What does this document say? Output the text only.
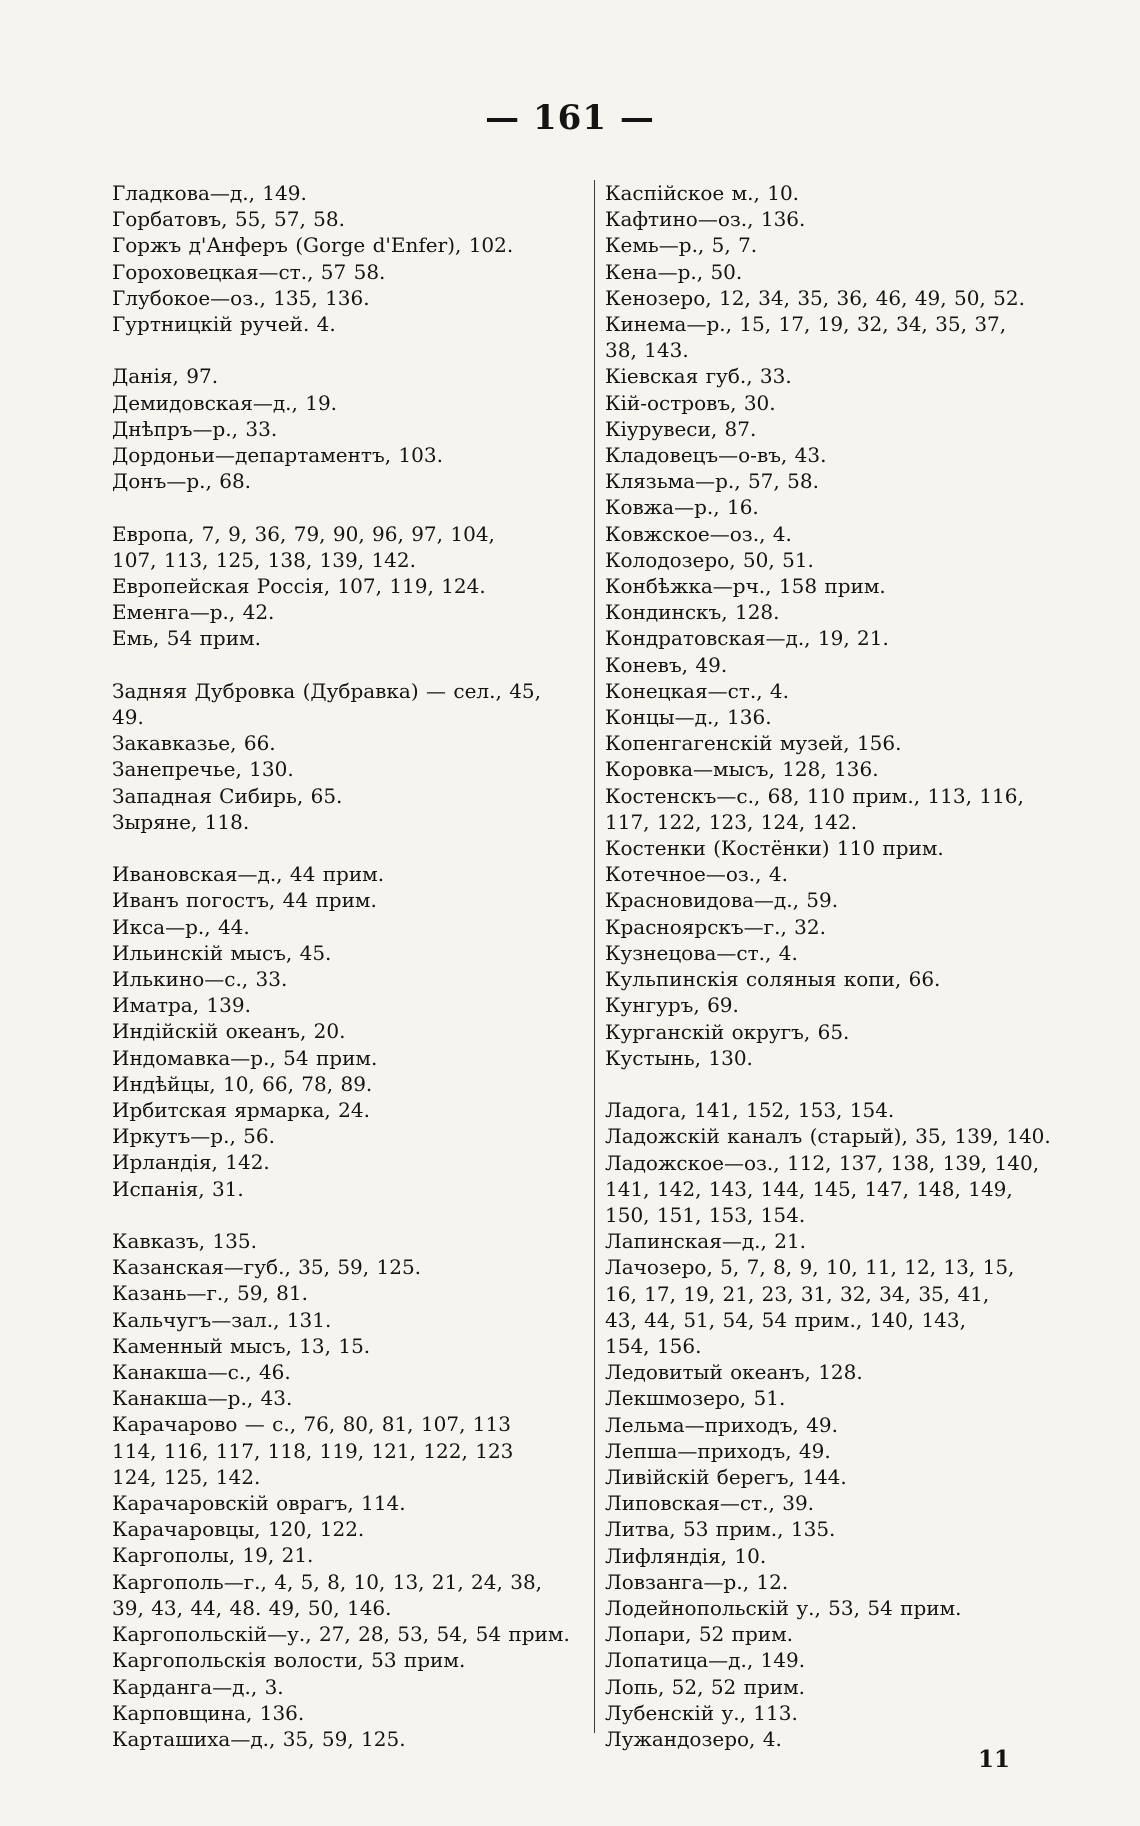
— 161 —
Гладкова—д., 149.
Горбатовъ, 55, 57, 58.
Горжъ д'Анферъ (Gorge d'Enfer), 102.
Гороховецкая—ст., 57 58.
Глубокое—оз., 135, 136.
Гуртницкій ручей. 4.
Данія, 97.
Демидовская—д., 19.
Днѣпръ—р., 33.
Дордоньи—департаментъ, 103.
Донъ—р., 68.
Европа, 7, 9, 36, 79, 90, 96, 97, 104,
107, 113, 125, 138, 139, 142.
Европейская Россія, 107, 119, 124.
Еменга—р., 42.
Емь, 54 прим.
Задняя Дубровка (Дубравка) — сел., 45,
49.
Закавказье, 66.
Занепречье, 130.
Западная Сибирь, 65.
Зыряне, 118.
Ивановская—д., 44 прим.
Иванъ погостъ, 44 прим.
Икса—р., 44.
Ильинскій мысъ, 45.
Илькино—с., 33.
Иматра, 139.
Индійскій океанъ, 20.
Индомавка—р., 54 прим.
Индѣйцы, 10, 66, 78, 89.
Ирбитская ярмарка, 24.
Иркутъ—р., 56.
Ирландія, 142.
Испанія, 31.
Кавказъ, 135.
Казанская—губ., 35, 59, 125.
Казань—г., 59, 81.
Кальчугъ—зал., 131.
Каменный мысъ, 13, 15.
Канакша—с., 46.
Канакша—р., 43.
Карачарово — с., 76, 80, 81, 107, 113
114, 116, 117, 118, 119, 121, 122, 123
124, 125, 142.
Карачаровскій оврагъ, 114.
Карачаровцы, 120, 122.
Каргополы, 19, 21.
Каргополь—г., 4, 5, 8, 10, 13, 21, 24, 38,
39, 43, 44, 48. 49, 50, 146.
Каргопольскій—у., 27, 28, 53, 54, 54 прим.
Каргопольскія волости, 53 прим.
Карданга—д., 3.
Карповщина, 136.
Карташиха—д., 35, 59, 125.
Каспійское м., 10.
Кафтино—оз., 136.
Кемь—р., 5, 7.
Кена—р., 50.
Кенозеро, 12, 34, 35, 36, 46, 49, 50, 52.
Кинема—р., 15, 17, 19, 32, 34, 35, 37,
38, 143.
Кіевская губ., 33.
Кій-островъ, 30.
Кіурувеси, 87.
Кладовецъ—о-въ, 43.
Клязьма—р., 57, 58.
Ковжа—р., 16.
Ковжское—оз., 4.
Колодозеро, 50, 51.
Конбѣжка—рч., 158 прим.
Кондинскъ, 128.
Кондратовская—д., 19, 21.
Коневъ, 49.
Конецкая—ст., 4.
Концы—д., 136.
Копенгагенскій музей, 156.
Коровка—мысъ, 128, 136.
Костенскъ—с., 68, 110 прим., 113, 116,
117, 122, 123, 124, 142.
Костенки (Костёнки) 110 прим.
Котечное—оз., 4.
Красновидова—д., 59.
Красноярскъ—г., 32.
Кузнецова—ст., 4.
Кульпинскія соляныя копи, 66.
Кунгуръ, 69.
Курганскій округъ, 65.
Кустынь, 130.
Ладога, 141, 152, 153, 154.
Ладожскій каналъ (старый), 35, 139, 140.
Ладожское—оз., 112, 137, 138, 139, 140,
141, 142, 143, 144, 145, 147, 148, 149,
150, 151, 153, 154.
Лапинская—д., 21.
Лачозеро, 5, 7, 8, 9, 10, 11, 12, 13, 15,
16, 17, 19, 21, 23, 31, 32, 34, 35, 41,
43, 44, 51, 54, 54 прим., 140, 143,
154, 156.
Ледовитый океанъ, 128.
Лекшмозеро, 51.
Лельма—приходъ, 49.
Лепша—приходъ, 49.
Ливійскій берегъ, 144.
Липовская—ст., 39.
Литва, 53 прим., 135.
Лифляндія, 10.
Ловзанга—р., 12.
Лодейнопольскій у., 53, 54 прим.
Лопари, 52 прим.
Лопатица—д., 149.
Лопь, 52, 52 прим.
Лубенскій у., 113.
Лужандозеро, 4.
11
